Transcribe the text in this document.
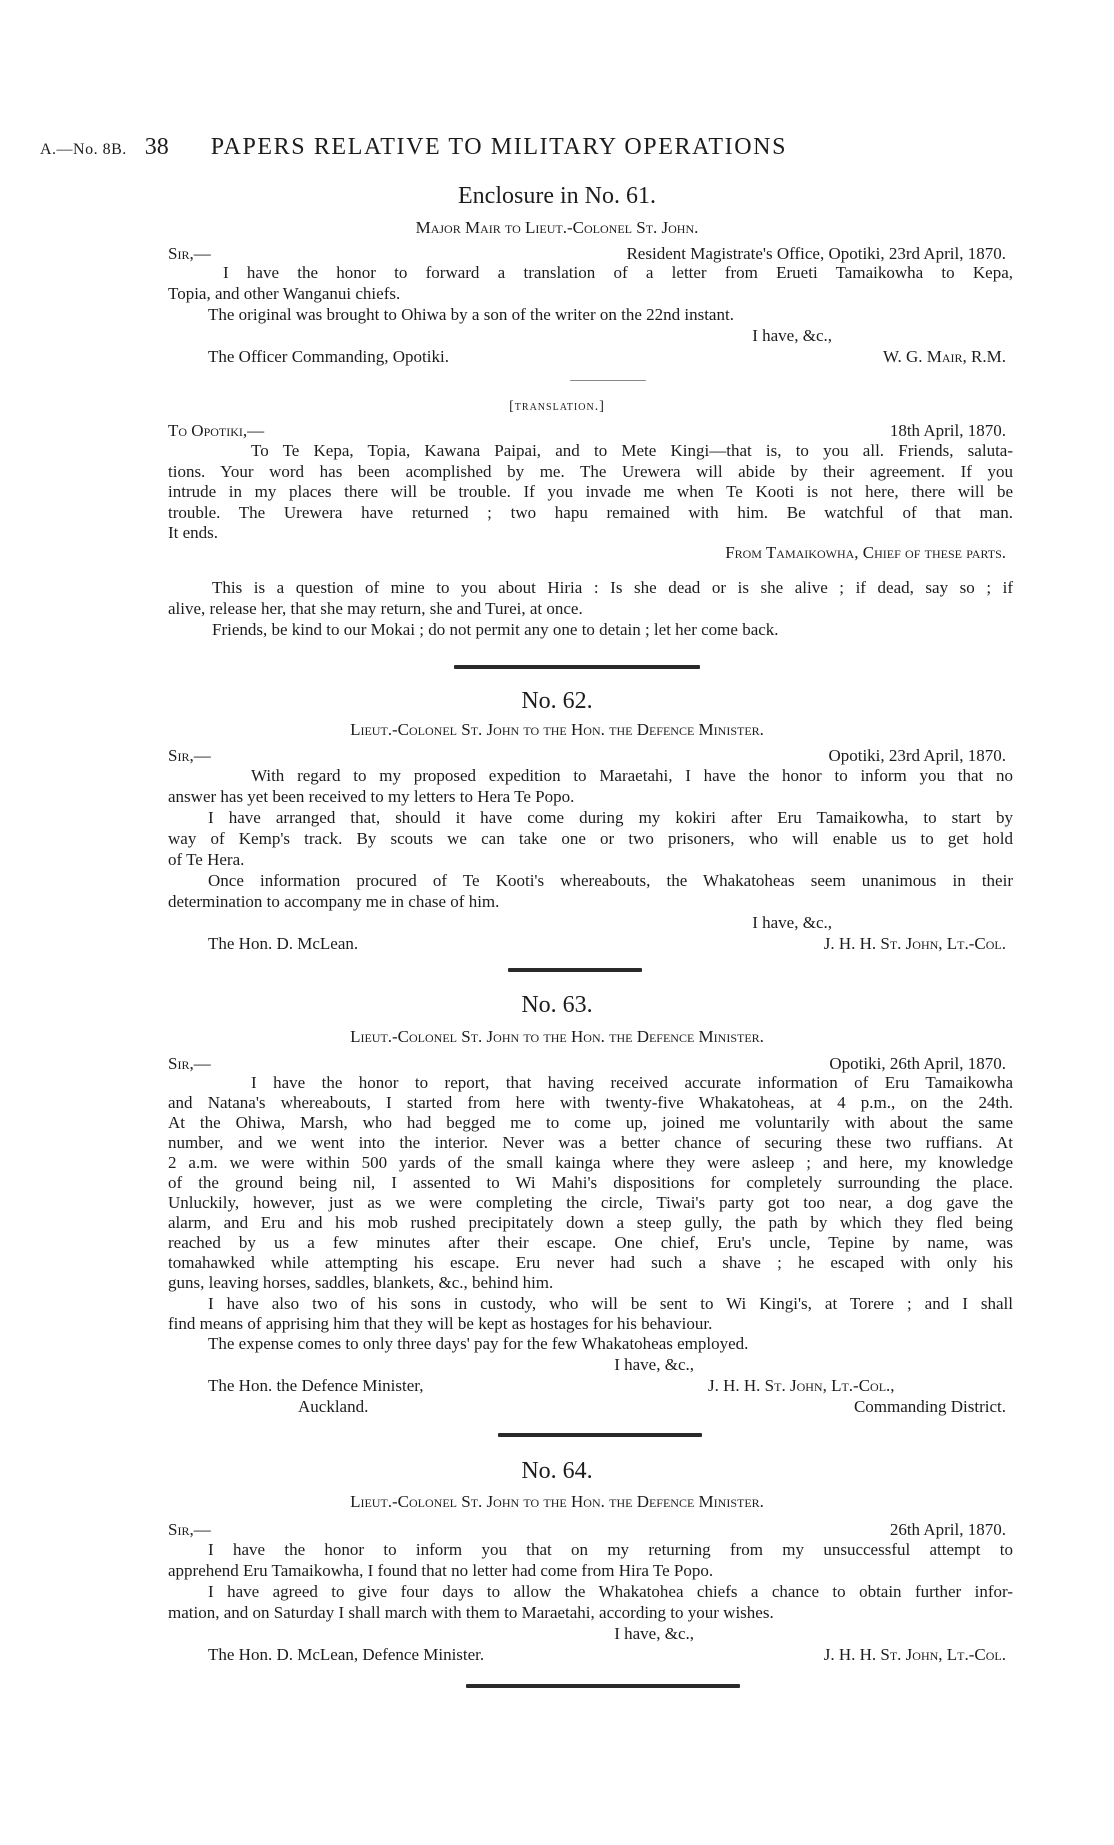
A.—No. 8B. 38 PAPERS RELATIVE TO MILITARY OPERATIONS
Enclosure in No. 61.
Major Mair to Lieut.-Colonel St. John.
Sir,—	Resident Magistrate's Office, Opotiki, 23rd April, 1870.
I have the honor to forward a translation of a letter from Erueti Tamaikowha to Kepa,
Topia, and other Wanganui chiefs.
The original was brought to Ohiwa by a son of the writer on the 22nd instant.
I have, &c.,
The Officer Commanding, Opotiki.	W. G. Mair, R.M.
[translation.]
To Opotiki,—	18th April, 1870.
To Te Kepa, Topia, Kawana Paipai, and to Mete Kingi—that is, to you all. Friends, saluta-
tions. Your word has been acomplished by me. The Urewera will abide by their agreement. If you
intrude in my places there will be trouble. If you invade me when Te Kooti is not here, there will be
trouble. The Urewera have returned ; two hapu remained with him. Be watchful of that man.
It ends.
From Tamaikowha, Chief of these parts.
This is a question of mine to you about Hiria : Is she dead or is she alive ; if dead, say so ; if
alive, release her, that she may return, she and Turei, at once.
Friends, be kind to our Mokai ; do not permit any one to detain ; let her come back.
No. 62.
Lieut.-Colonel St. John to the Hon. the Defence Minister.
Sir,—	Opotiki, 23rd April, 1870.
With regard to my proposed expedition to Maraetahi, I have the honor to inform you that no
answer has yet been received to my letters to Hera Te Popo.
I have arranged that, should it have come during my kokiri after Eru Tamaikowha, to start by
way of Kemp's track. By scouts we can take one or two prisoners, who will enable us to get hold
of Te Hera.
Once information procured of Te Kooti's whereabouts, the Whakatoheas seem unanimous in their
determination to accompany me in chase of him.
I have, &c.,
The Hon. D. McLean.	J. H. H. St. John, Lt.-Col.
No. 63.
Lieut.-Colonel St. John to the Hon. the Defence Minister.
Sir,—	Opotiki, 26th April, 1870.
I have the honor to report, that having received accurate information of Eru Tamaikowha
and Natana's whereabouts, I started from here with twenty-five Whakatoheas, at 4 p.m., on the 24th.
At the Ohiwa, Marsh, who had begged me to come up, joined me voluntarily with about the same
number, and we went into the interior. Never was a better chance of securing these two ruffians. At
2 a.m. we were within 500 yards of the small kainga where they were asleep ; and here, my knowledge
of the ground being nil, I assented to Wi Mahi's dispositions for completely surrounding the place.
Unluckily, however, just as we were completing the circle, Tiwai's party got too near, a dog gave the
alarm, and Eru and his mob rushed precipitately down a steep gully, the path by which they fled being
reached by us a few minutes after their escape. One chief, Eru's uncle, Tepine by name, was
tomahawked while attempting his escape. Eru never had such a shave ; he escaped with only his
guns, leaving horses, saddles, blankets, &c., behind him.
I have also two of his sons in custody, who will be sent to Wi Kingi's, at Torere ; and I shall
find means of apprising him that they will be kept as hostages for his behaviour.
The expense comes to only three days' pay for the few Whakatoheas employed.
I have, &c.,
The Hon. the Defence Minister,	J. H. H. St. John, Lt.-Col.,
Auckland.	Commanding District.
No. 64.
Lieut.-Colonel St. John to the Hon. the Defence Minister.
Sir,—	26th April, 1870.
I have the honor to inform you that on my returning from my unsuccessful attempt to
apprehend Eru Tamaikowha, I found that no letter had come from Hira Te Popo.
I have agreed to give four days to allow the Whakatohea chiefs a chance to obtain further infor-
mation, and on Saturday I shall march with them to Maraetahi, according to your wishes.
I have, &c.,
The Hon. D. McLean, Defence Minister.	J. H. H. St. John, Lt.-Col.
